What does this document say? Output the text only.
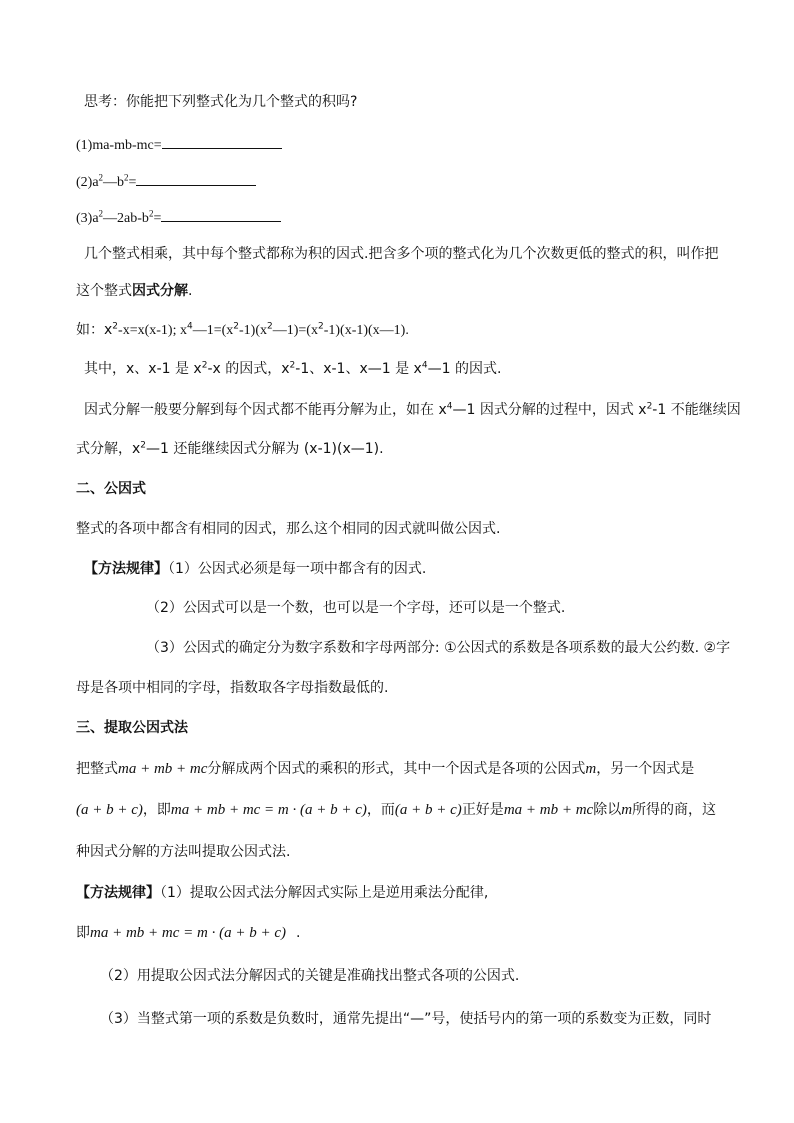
思考：你能把下列整式化为几个整式的积吗?
(1)ma-mb-mc=
$(2)a^2—b^2=$
$(3)a^2—2ab-b^2=$
几个整式相乘，其中每个整式都称为积的因式.把含多个项的整式化为几个次数更低的整式的积，叫作把
这个整式因式分解.
如：$x^2-x=x(x-1)$; $x^4—1=(x^2-1)(x^2—1)=(x^2-1)(x-1)(x—1)$.
其中，x、x-1 是 $x^2-x$ 的因式，$x^2-1$、x-1、x—1 是 $x^4—1$ 的因式.
因式分解一般要分解到每个因式都不能再分解为止，如在 $x^4—1$ 因式分解的过程中，因式 $x^2-1$ 不能继续因
式分解，$x^2—1$ 还能继续因式分解为 (x-1)(x—1).
二、公因式
整式的各项中都含有相同的因式，那么这个相同的因式就叫做公因式.
【方法规律】（1）公因式必须是每一项中都含有的因式.
（2）公因式可以是一个数，也可以是一个字母，还可以是一个整式.
（3）公因式的确定分为数字系数和字母两部分: ①公因式的系数是各项系数的最大公约数. ②字
母是各项中相同的字母，指数取各字母指数最低的.
三、提取公因式法
把整式ma + mb + mc分解成两个因式的乘积的形式，其中一个因式是各项的公因式m，另一个因式是
(a + b + c)，即ma + mb + mc = m · (a + b + c)，而(a + b + c)正好是ma + mb + mc除以m所得的商，这
种因式分解的方法叫提取公因式法.
【方法规律】（1）提取公因式法分解因式实际上是逆用乘法分配律,
即ma + mb + mc = m · (a + b + c) .
（2）用提取公因式法分解因式的关键是准确找出整式各项的公因式.
（3）当整式第一项的系数是负数时，通常先提出“—”号，使括号内的第一项的系数变为正数，同时
